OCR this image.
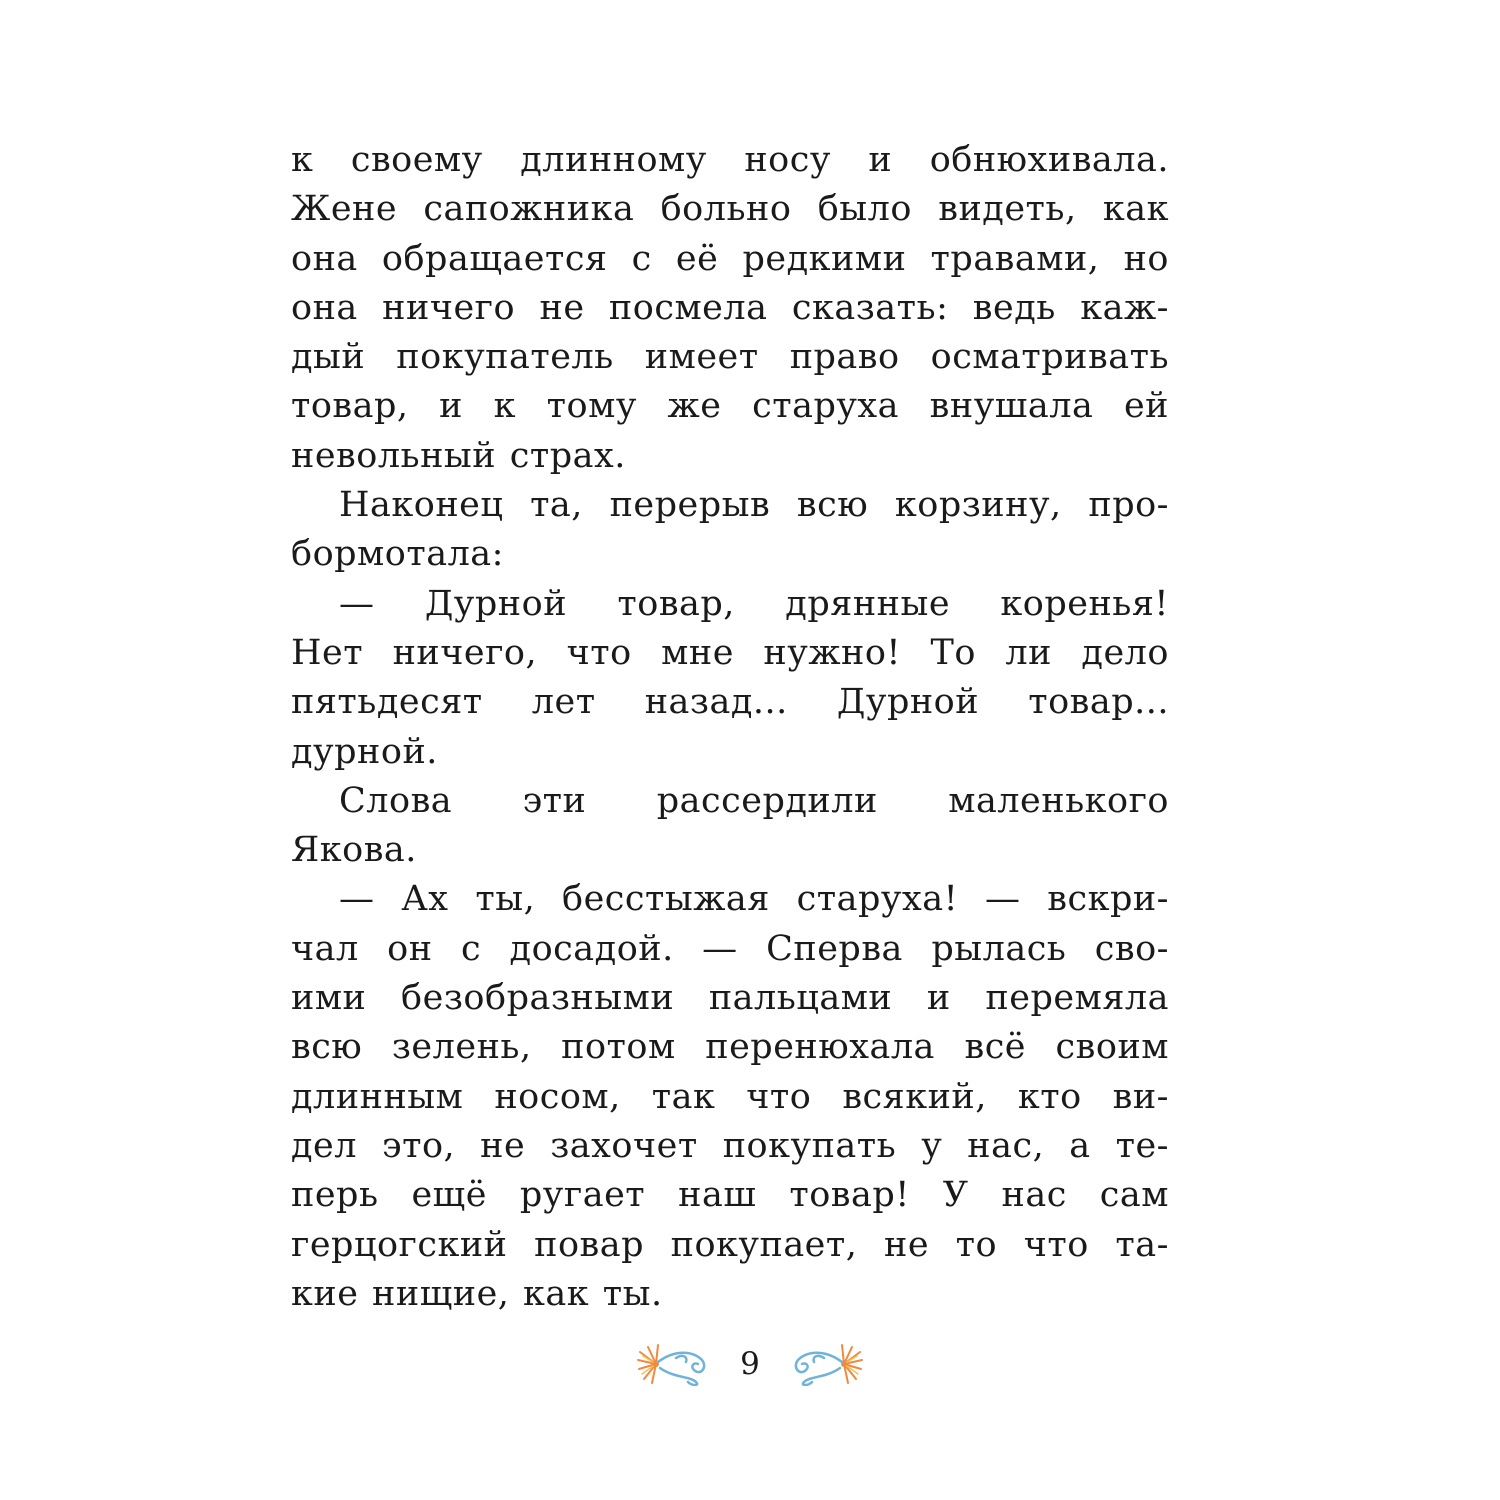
к своему длинному носу и обнюхивала.
Жене сапожника больно было видеть, как
она обращается с её редкими травами, но
она ничего не посмела сказать: ведь каж-
дый покупатель имеет право осматривать
товар, и к тому же старуха внушала ей
невольный страх.
Наконец та, перерыв всю корзину, про-
бормотала:
— Дурной товар, дрянные коренья!
Нет ничего, что мне нужно! То ли дело
пятьдесят лет назад... Дурной товар...
дурной.
Слова эти рассердили маленького
Якова.
— Ах ты, бесстыжая старуха! — вскри-
чал он с досадой. — Сперва рылась сво-
ими безобразными пальцами и перемяла
всю зелень, потом перенюхала всё своим
длинным носом, так что всякий, кто ви-
дел это, не захочет покупать у нас, а те-
перь ещё ругает наш товар! У нас сам
герцогский повар покупает, не то что та-
кие нищие, как ты.
9
